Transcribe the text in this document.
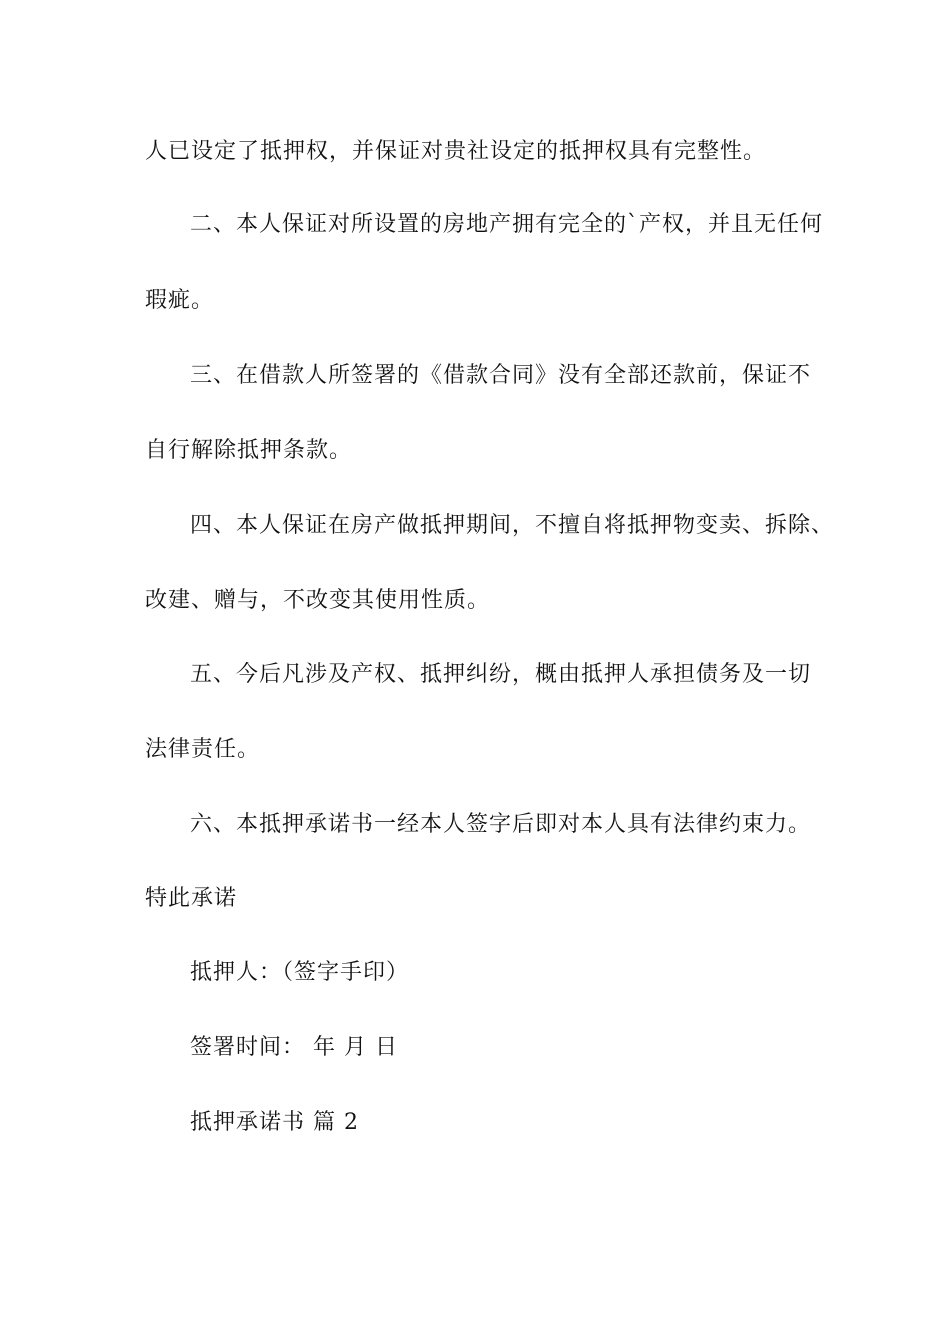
人已设定了抵押权，并保证对贵社设定的抵押权具有完整性。
二、本人保证对所设置的房地产拥有完全的`产权，并且无任何
瑕疵。
三、在借款人所签署的《借款合同》没有全部还款前，保证不
自行解除抵押条款。
四、本人保证在房产做抵押期间，不擅自将抵押物变卖、拆除、
改建、赠与，不改变其使用性质。
五、今后凡涉及产权、抵押纠纷，概由抵押人承担债务及一切
法律责任。
六、本抵押承诺书一经本人签字后即对本人具有法律约束力。
特此承诺
抵押人：（签字手印）
签署时间： 年 月 日
抵押承诺书 篇 2
